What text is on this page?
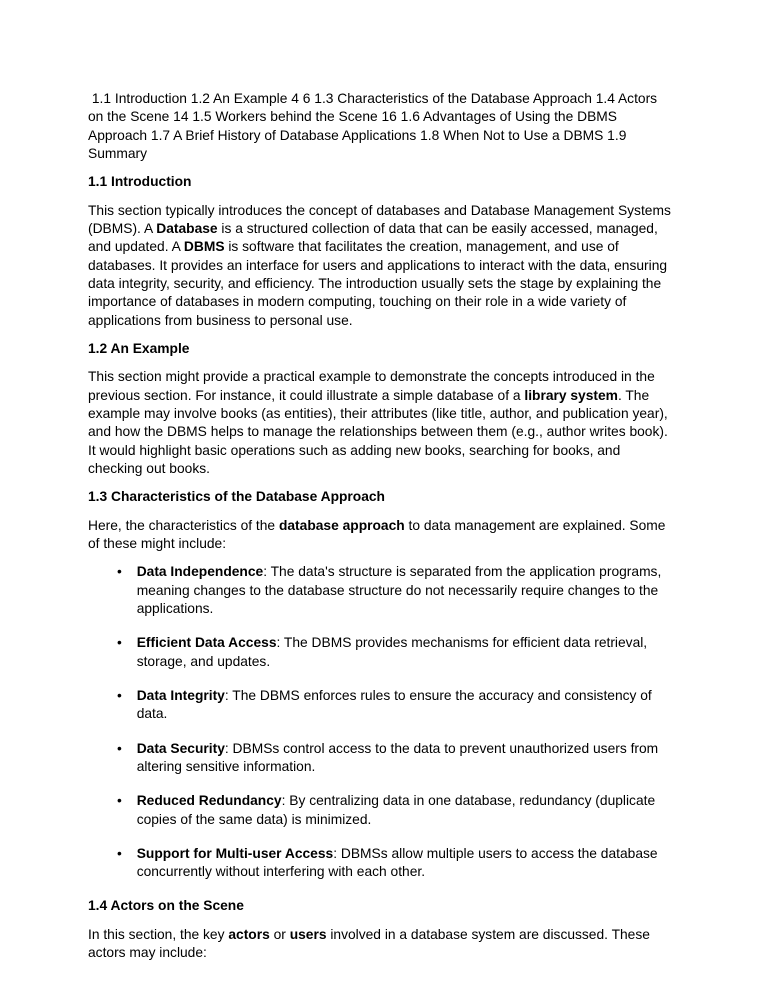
1.1 Introduction 1.2 An Example 4 6 1.3 Characteristics of the Database Approach 1.4 Actors on the Scene 14 1.5 Workers behind the Scene 16 1.6 Advantages of Using the DBMS Approach 1.7 A Brief History of Database Applications 1.8 When Not to Use a DBMS 1.9 Summary

1.1 Introduction

This section typically introduces the concept of databases and Database Management Systems (DBMS). A Database is a structured collection of data that can be easily accessed, managed, and updated. A DBMS is software that facilitates the creation, management, and use of databases. It provides an interface for users and applications to interact with the data, ensuring data integrity, security, and efficiency. The introduction usually sets the stage by explaining the importance of databases in modern computing, touching on their role in a wide variety of applications from business to personal use.

1.2 An Example

This section might provide a practical example to demonstrate the concepts introduced in the previous section. For instance, it could illustrate a simple database of a library system. The example may involve books (as entities), their attributes (like title, author, and publication year), and how the DBMS helps to manage the relationships between them (e.g., author writes book). It would highlight basic operations such as adding new books, searching for books, and checking out books.

1.3 Characteristics of the Database Approach

Here, the characteristics of the database approach to data management are explained. Some of these might include:

• Data Independence: The data's structure is separated from the application programs, meaning changes to the database structure do not necessarily require changes to the applications.
• Efficient Data Access: The DBMS provides mechanisms for efficient data retrieval, storage, and updates.
• Data Integrity: The DBMS enforces rules to ensure the accuracy and consistency of data.
• Data Security: DBMSs control access to the data to prevent unauthorized users from altering sensitive information.
• Reduced Redundancy: By centralizing data in one database, redundancy (duplicate copies of the same data) is minimized.
• Support for Multi-user Access: DBMSs allow multiple users to access the database concurrently without interfering with each other.
1.4 Actors on the Scene

In this section, the key actors or users involved in a database system are discussed. These actors may include:
